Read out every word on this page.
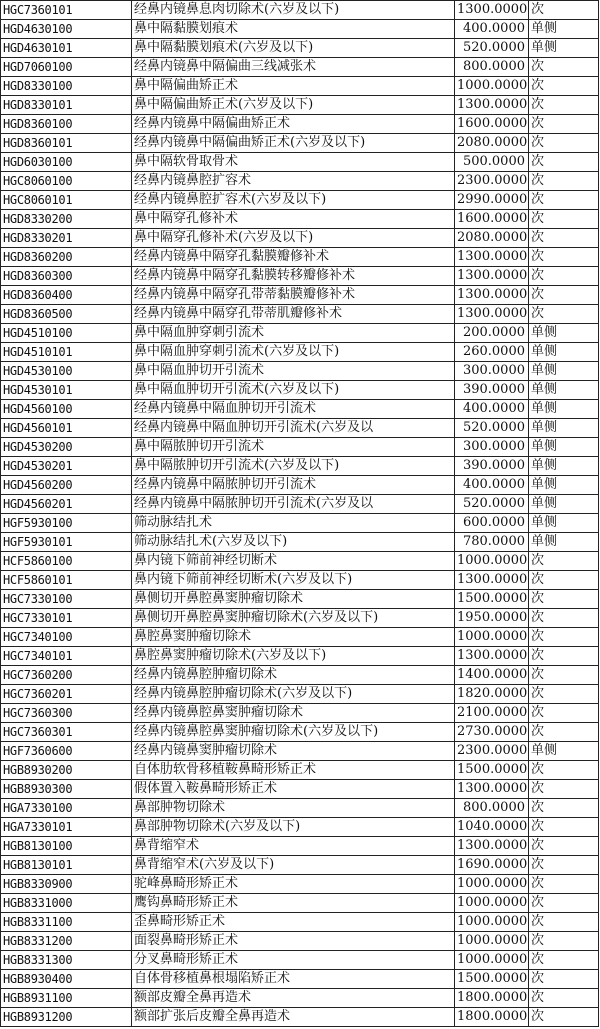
HGC7360101	经鼻内镜鼻息肉切除术(六岁及以下)	1300.0000	次
HGD4630100	鼻中隔黏膜划痕术	400.0000	单侧
HGD4630101	鼻中隔黏膜划痕术(六岁及以下)	520.0000	单侧
HGD7060100	经鼻内镜鼻中隔偏曲三线减张术	800.0000	次
HGD8330100	鼻中隔偏曲矫正术	1000.0000	次
HGD8330101	鼻中隔偏曲矫正术(六岁及以下)	1300.0000	次
HGD8360100	经鼻内镜鼻中隔偏曲矫正术	1600.0000	次
HGD8360101	经鼻内镜鼻中隔偏曲矫正术(六岁及以下)	2080.0000	次
HGD6030100	鼻中隔软骨取骨术	500.0000	次
HGC8060100	经鼻内镜鼻腔扩容术	2300.0000	次
HGC8060101	经鼻内镜鼻腔扩容术(六岁及以下)	2990.0000	次
HGD8330200	鼻中隔穿孔修补术	1600.0000	次
HGD8330201	鼻中隔穿孔修补术(六岁及以下)	2080.0000	次
HGD8360200	经鼻内镜鼻中隔穿孔黏膜瓣修补术	1300.0000	次
HGD8360300	经鼻内镜鼻中隔穿孔黏膜转移瓣修补术	1300.0000	次
HGD8360400	经鼻内镜鼻中隔穿孔带蒂黏膜瓣修补术	1300.0000	次
HGD8360500	经鼻内镜鼻中隔穿孔带蒂肌瓣修补术	1300.0000	次
HGD4510100	鼻中隔血肿穿刺引流术	200.0000	单侧
HGD4510101	鼻中隔血肿穿刺引流术(六岁及以下)	260.0000	单侧
HGD4530100	鼻中隔血肿切开引流术	300.0000	单侧
HGD4530101	鼻中隔血肿切开引流术(六岁及以下)	390.0000	单侧
HGD4560100	经鼻内镜鼻中隔血肿切开引流术	400.0000	单侧
HGD4560101	经鼻内镜鼻中隔血肿切开引流术(六岁及以	520.0000	单侧
HGD4530200	鼻中隔脓肿切开引流术	300.0000	单侧
HGD4530201	鼻中隔脓肿切开引流术(六岁及以下)	390.0000	单侧
HGD4560200	经鼻内镜鼻中隔脓肿切开引流术	400.0000	单侧
HGD4560201	经鼻内镜鼻中隔脓肿切开引流术(六岁及以	520.0000	单侧
HGF5930100	筛动脉结扎术	600.0000	单侧
HGF5930101	筛动脉结扎术(六岁及以下)	780.0000	单侧
HCF5860100	鼻内镜下筛前神经切断术	1000.0000	次
HCF5860101	鼻内镜下筛前神经切断术(六岁及以下)	1300.0000	次
HGC7330100	鼻侧切开鼻腔鼻窦肿瘤切除术	1500.0000	次
HGC7330101	鼻侧切开鼻腔鼻窦肿瘤切除术(六岁及以下)	1950.0000	次
HGC7340100	鼻腔鼻窦肿瘤切除术	1000.0000	次
HGC7340101	鼻腔鼻窦肿瘤切除术(六岁及以下)	1300.0000	次
HGC7360200	经鼻内镜鼻腔肿瘤切除术	1400.0000	次
HGC7360201	经鼻内镜鼻腔肿瘤切除术(六岁及以下)	1820.0000	次
HGC7360300	经鼻内镜鼻腔鼻窦肿瘤切除术	2100.0000	次
HGC7360301	经鼻内镜鼻腔鼻窦肿瘤切除术(六岁及以下)	2730.0000	次
HGF7360600	经鼻内镜鼻窦肿瘤切除术	2300.0000	单侧
HGB8930200	自体肋软骨移植鞍鼻畸形矫正术	1500.0000	次
HGB8930300	假体置入鞍鼻畸形矫正术	1300.0000	次
HGA7330100	鼻部肿物切除术	800.0000	次
HGA7330101	鼻部肿物切除术(六岁及以下)	1040.0000	次
HGB8130100	鼻背缩窄术	1300.0000	次
HGB8130101	鼻背缩窄术(六岁及以下)	1690.0000	次
HGB8330900	驼峰鼻畸形矫正术	1000.0000	次
HGB8331000	鹰钩鼻畸形矫正术	1000.0000	次
HGB8331100	歪鼻畸形矫正术	1000.0000	次
HGB8331200	面裂鼻畸形矫正术	1000.0000	次
HGB8331300	分叉鼻畸形矫正术	1000.0000	次
HGB8930400	自体骨移植鼻根塌陷矫正术	1500.0000	次
HGB8931100	额部皮瓣全鼻再造术	1800.0000	次
HGB8931200	额部扩张后皮瓣全鼻再造术	1800.0000	次
